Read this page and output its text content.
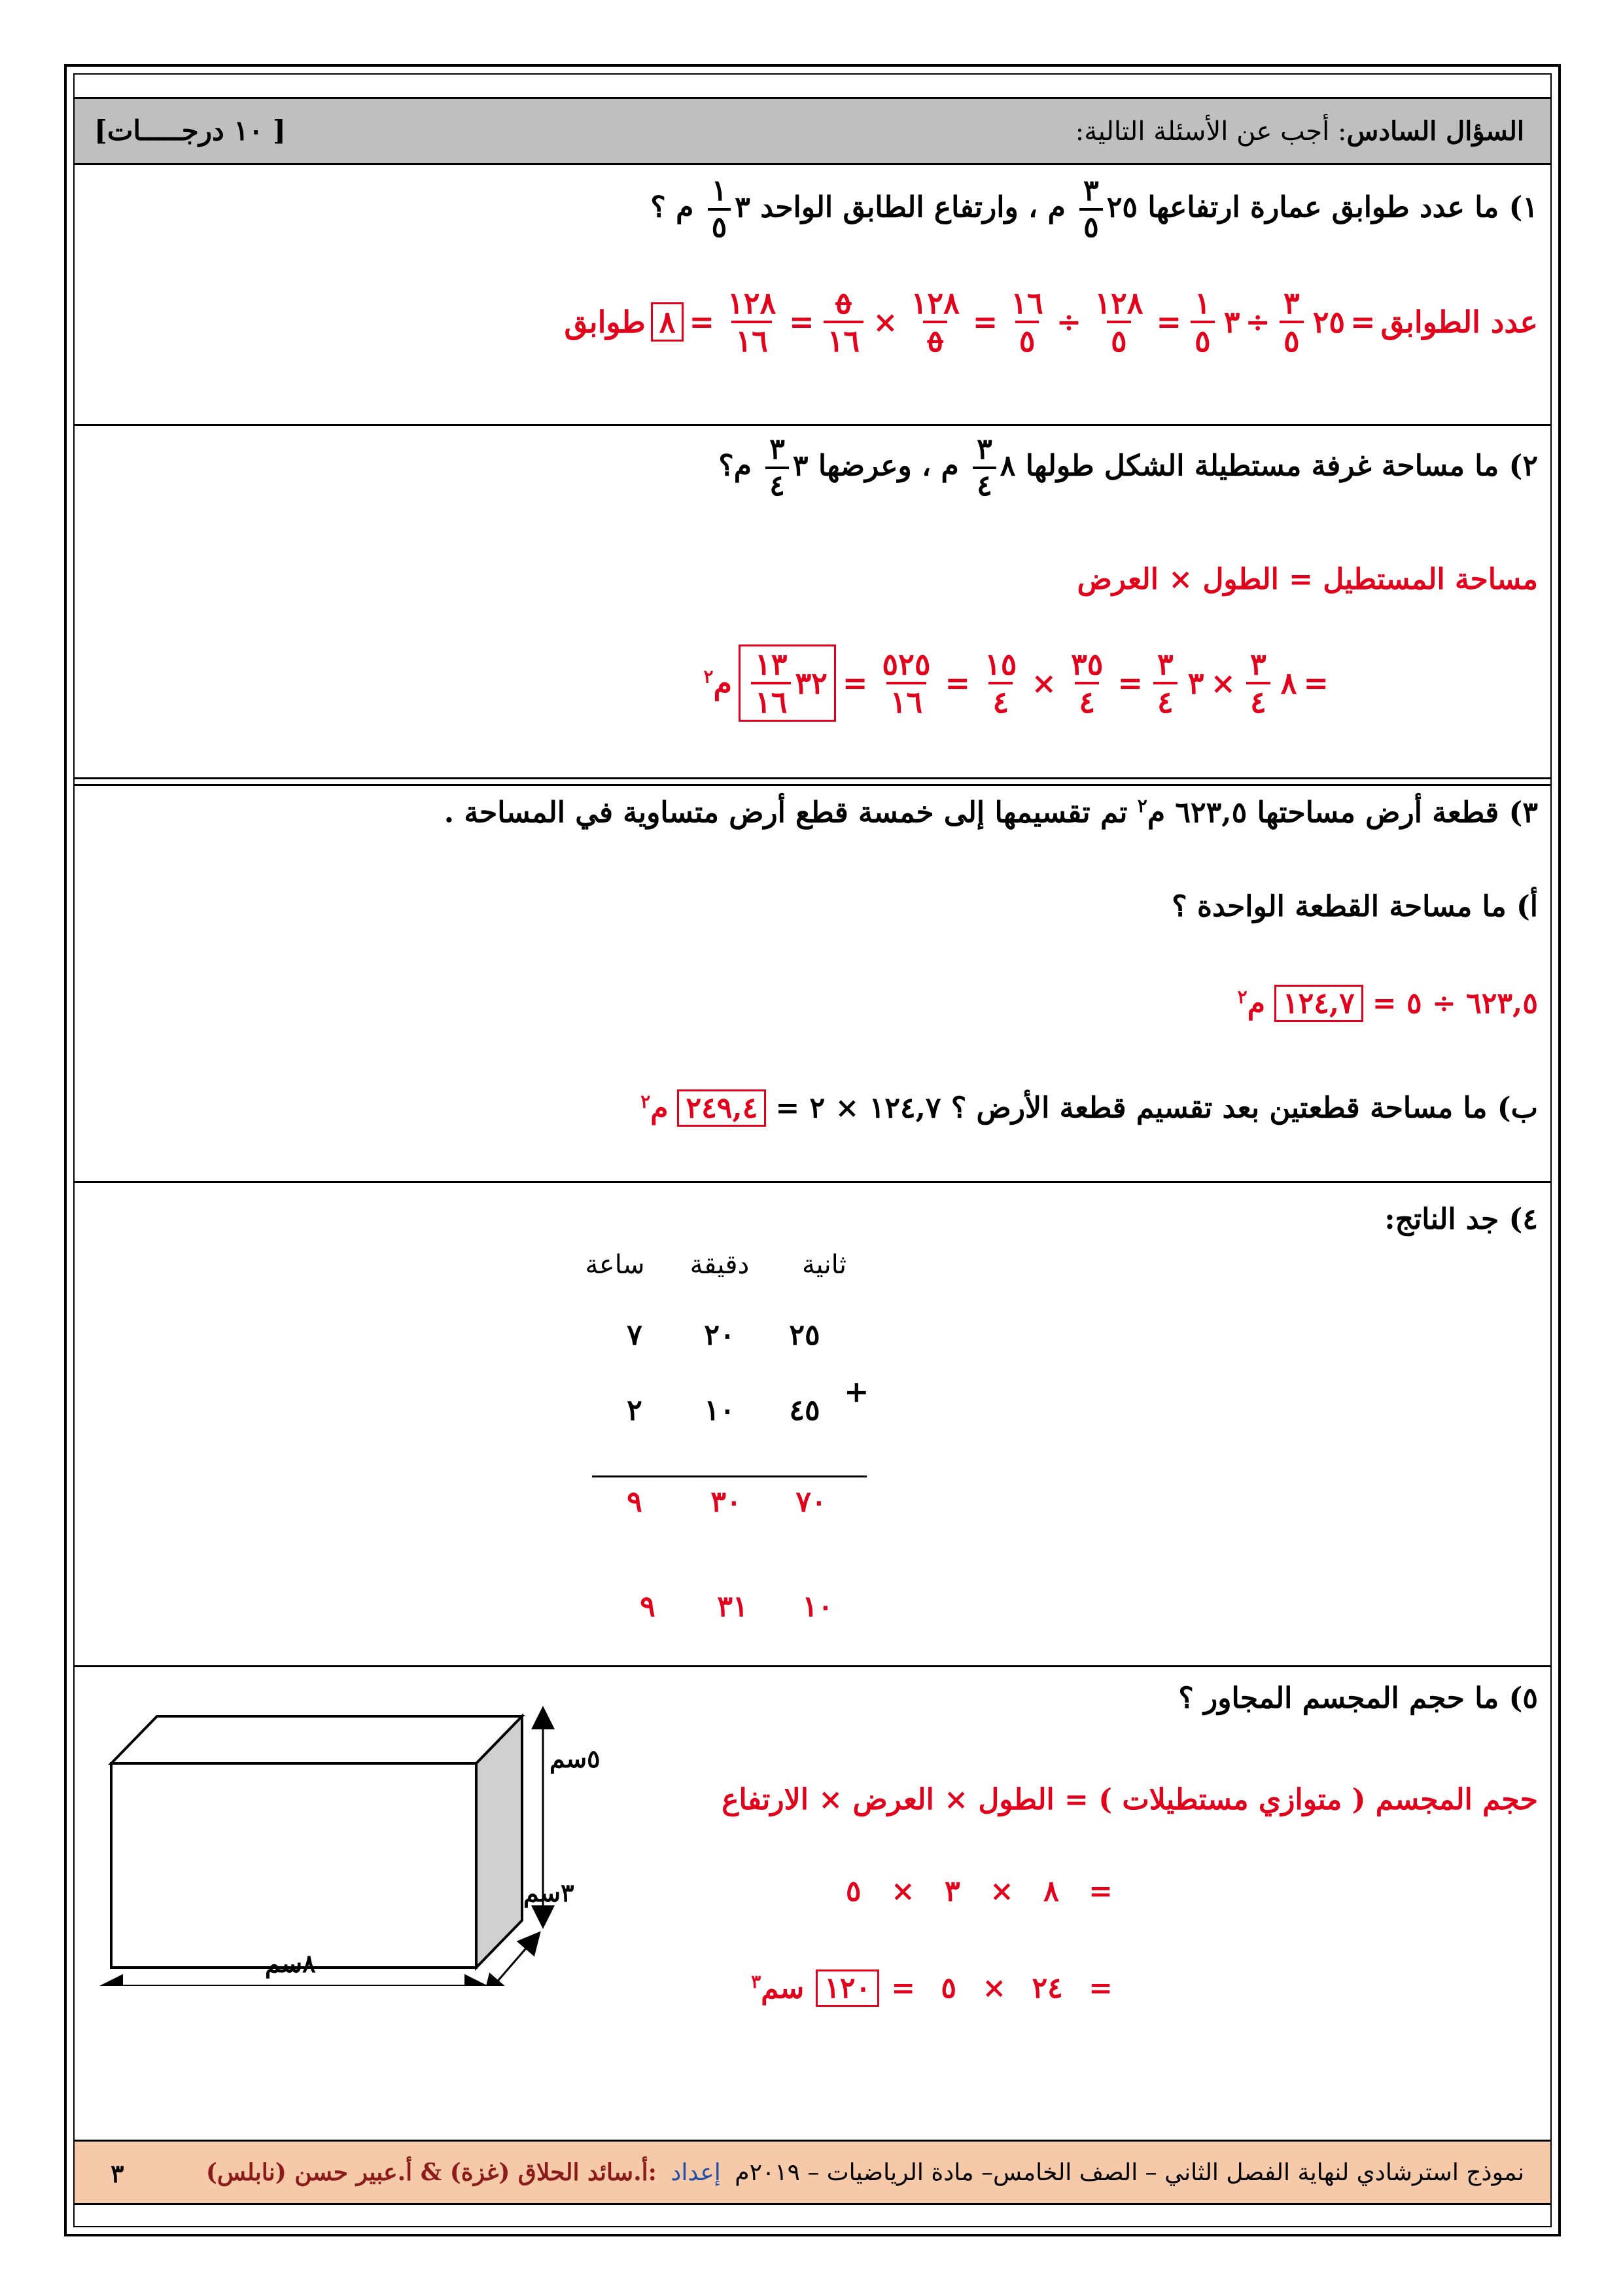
السؤال السادس: أجب عن الأسئلة التالية:
[ ١٠ درجـــــات]
١) ما عدد طوابق عمارة ارتفاعها ٢٥
$\frac{٣}{٥}$
م ، وارتفاع الطابق الواحد ٣
$\frac{١}{٥}$
م ؟
عدد الطوابق
=
٢٥
$\frac{٣}{٥}$
÷
٣
$\frac{١}{٥}$
=
$\frac{١٢٨}{٥}$
÷
$\frac{١٦}{٥}$
=
$\frac{١٢٨}{٥}$
×
$\frac{٥}{١٦}$
=
$\frac{١٢٨}{١٦}$
=
٨
طوابق
٢) ما مساحة غرفة مستطيلة الشكل طولها ٨
$\frac{٣}{٤}$
م ، وعرضها ٣
$\frac{٣}{٤}$
م؟
مساحة المستطيل = الطول × العرض
=
٨
$\frac{٣}{٤}$
×
٣
$\frac{٣}{٤}$
=
$\frac{٣٥}{٤}$
×
$\frac{١٥}{٤}$
=
$\frac{٥٢٥}{١٦}$
=
٣٢
$\frac{١٣}{١٦}$
م$^٢$
٣) قطعة أرض مساحتها ٦٢٣,٥ م$^٢$ تم تقسيمها إلى خمسة قطع أرض متساوية في المساحة .
أ) ما مساحة القطعة الواحدة ؟
٦٢٣,٥ ÷ ٥ =
١٢٤,٧
م$^٢$
ب) ما مساحة قطعتين بعد تقسيم قطعة الأرض ؟ ١٢٤,٧ × ٢ =
٢٤٩,٤
م$^٢$
٤) جد الناتج:
ساعة	دقيقة	ثانية
٧	٢٠	٢٥
٢	١٠	٤٥
+
٩	٣٠	٧٠
٩	٣١	١٠
٥) ما حجم المجسم المجاور ؟
حجم المجسم ( متوازي مستطيلات ) = الطول × العرض × الارتفاع
= ٨ × ٣ × ٥
= ٢٤ × ٥ =
١٢٠
سم$^٣$
٥سم
٣سم
٨سم
نموذج استرشادي لنهاية الفصل الثاني – الصف الخامس– مادة الرياضيات – ٢٠١٩م إعداد :أ.سائد الحلاق (غزة) & أ.عبير حسن (نابلس)
٣
